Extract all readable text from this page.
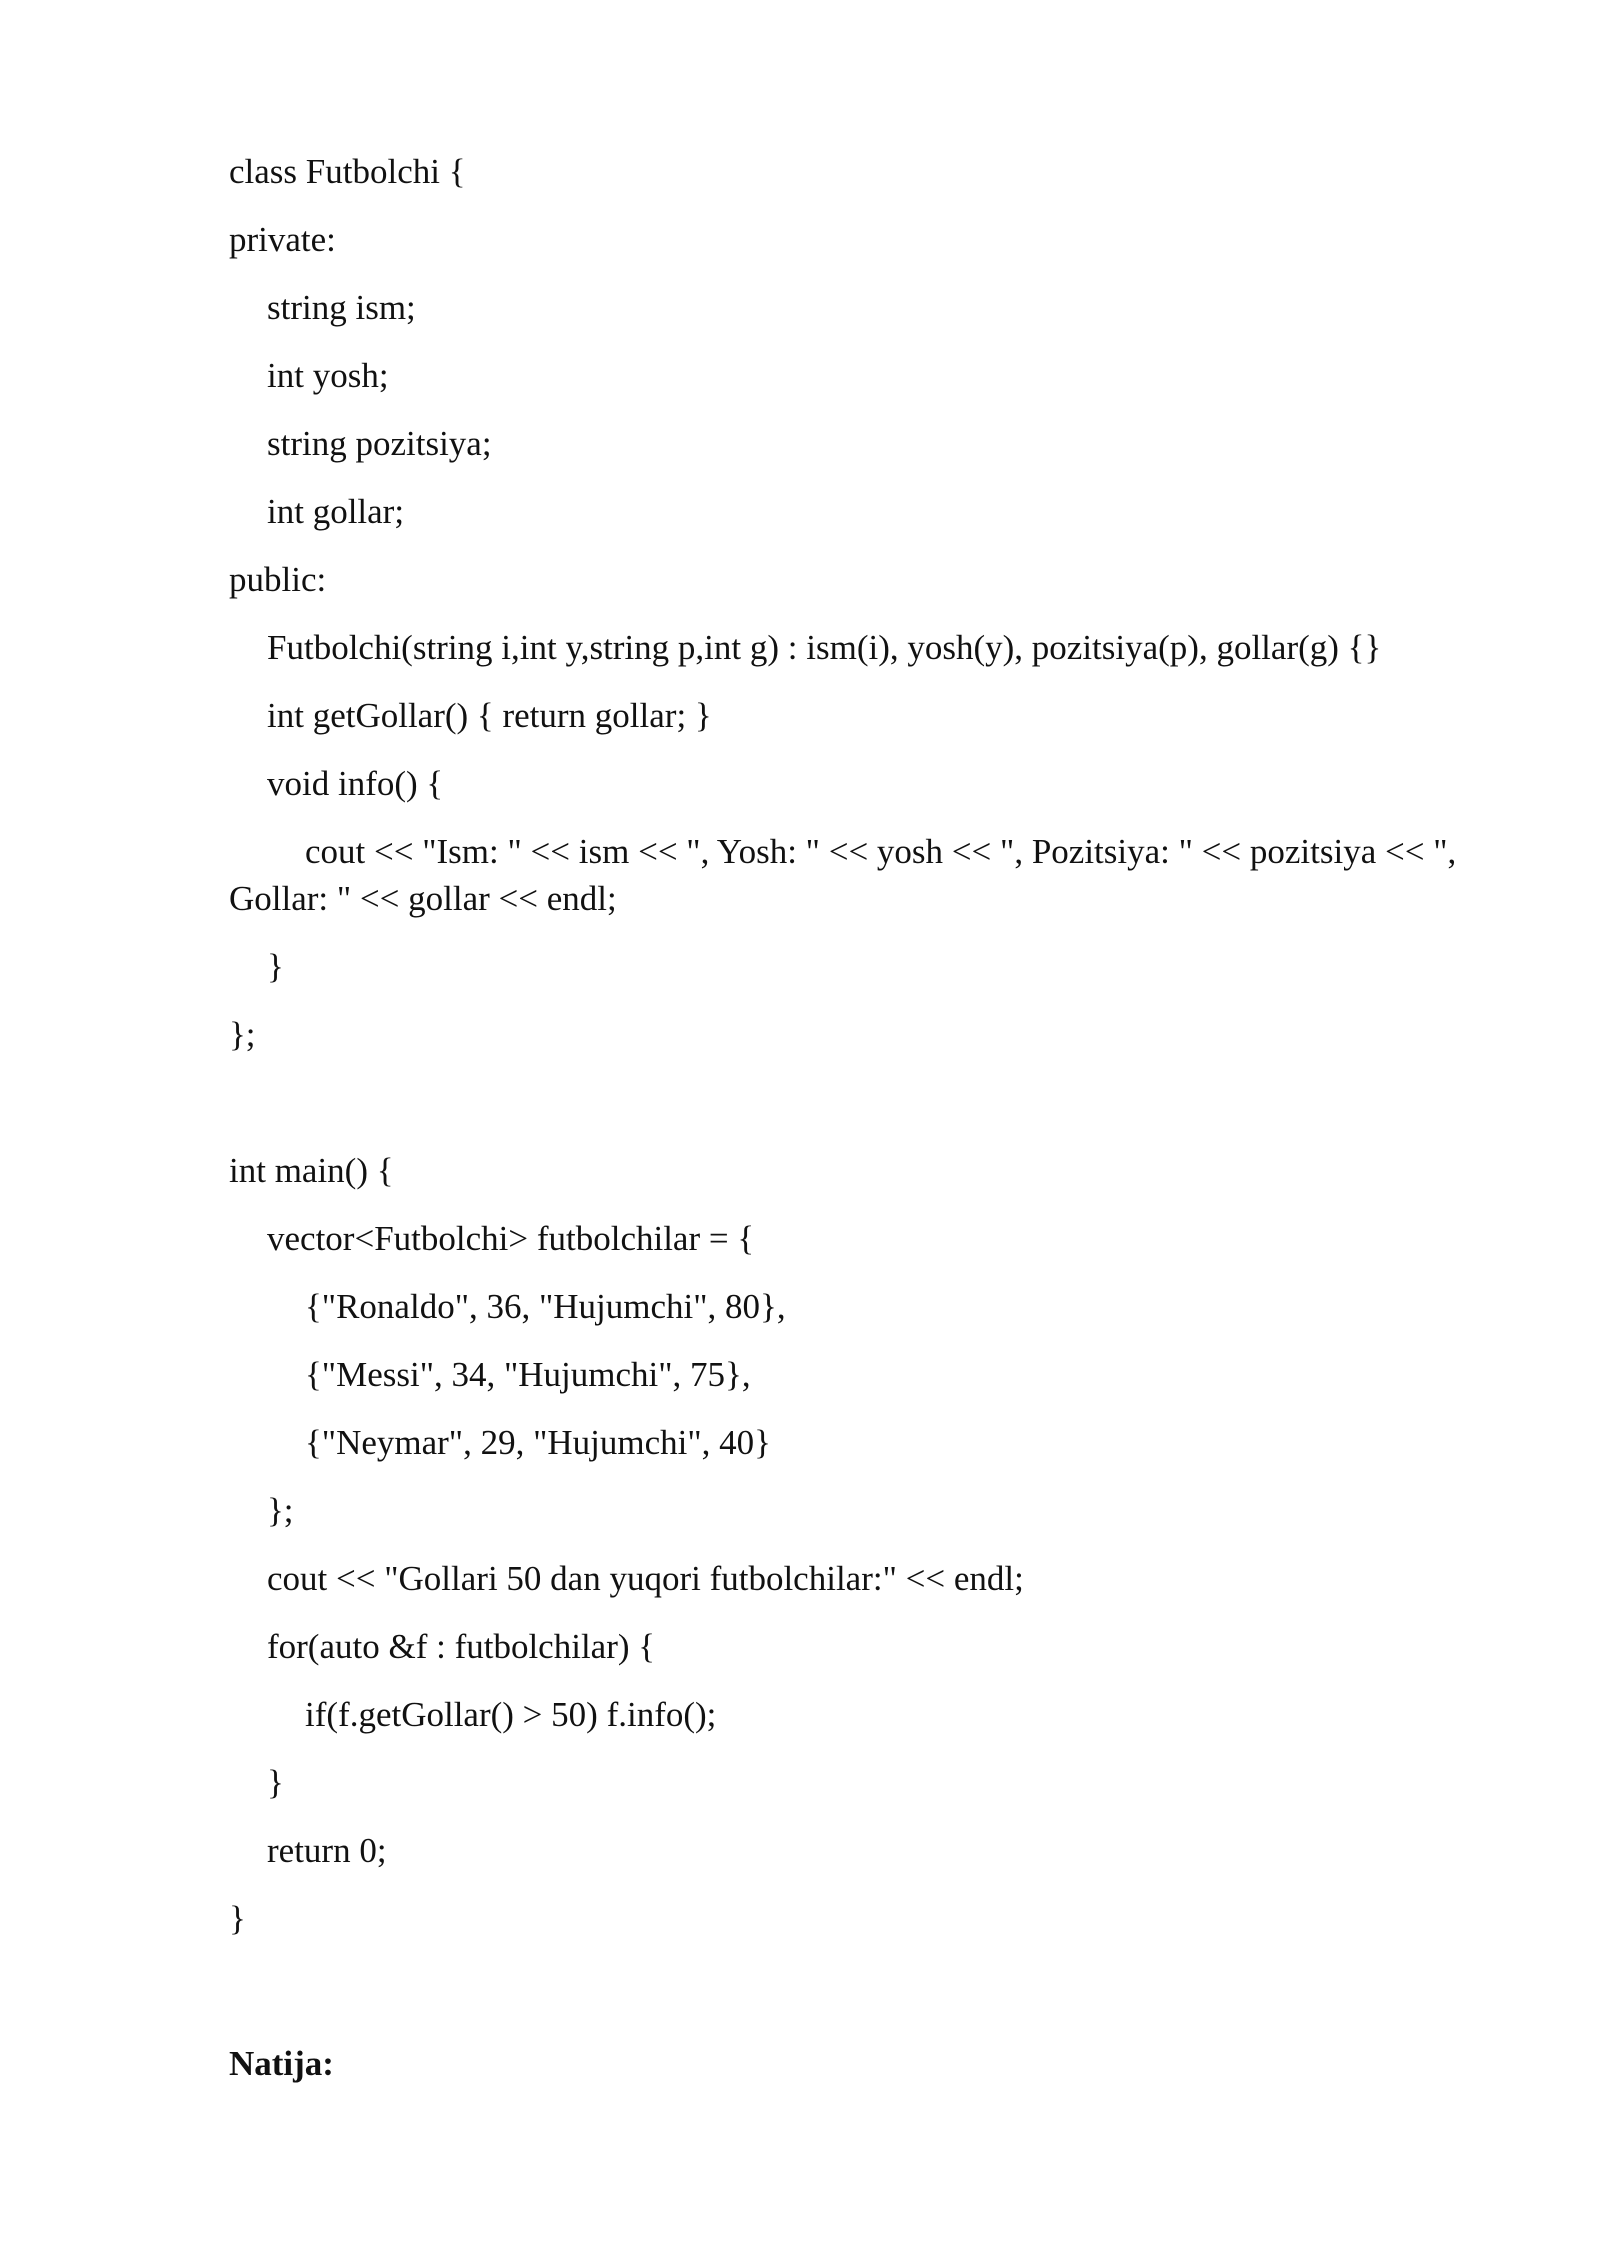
class Futbolchi {
private:
string ism;
int yosh;
string pozitsiya;
int gollar;
public:
Futbolchi(string i,int y,string p,int g) : ism(i), yosh(y), pozitsiya(p), gollar(g) {}
int getGollar() { return gollar; }
void info() {
cout << "Ism: " << ism << ", Yosh: " << yosh << ", Pozitsiya: " << pozitsiya << ", Gollar: " << gollar << endl;
}
};
int main() {
vector<Futbolchi> futbolchilar = {
{"Ronaldo", 36, "Hujumchi", 80},
{"Messi", 34, "Hujumchi", 75},
{"Neymar", 29, "Hujumchi", 40}
};
cout << "Gollari 50 dan yuqori futbolchilar:" << endl;
for(auto &f : futbolchilar) {
if(f.getGollar() > 50) f.info();
}
return 0;
}
Natija:
